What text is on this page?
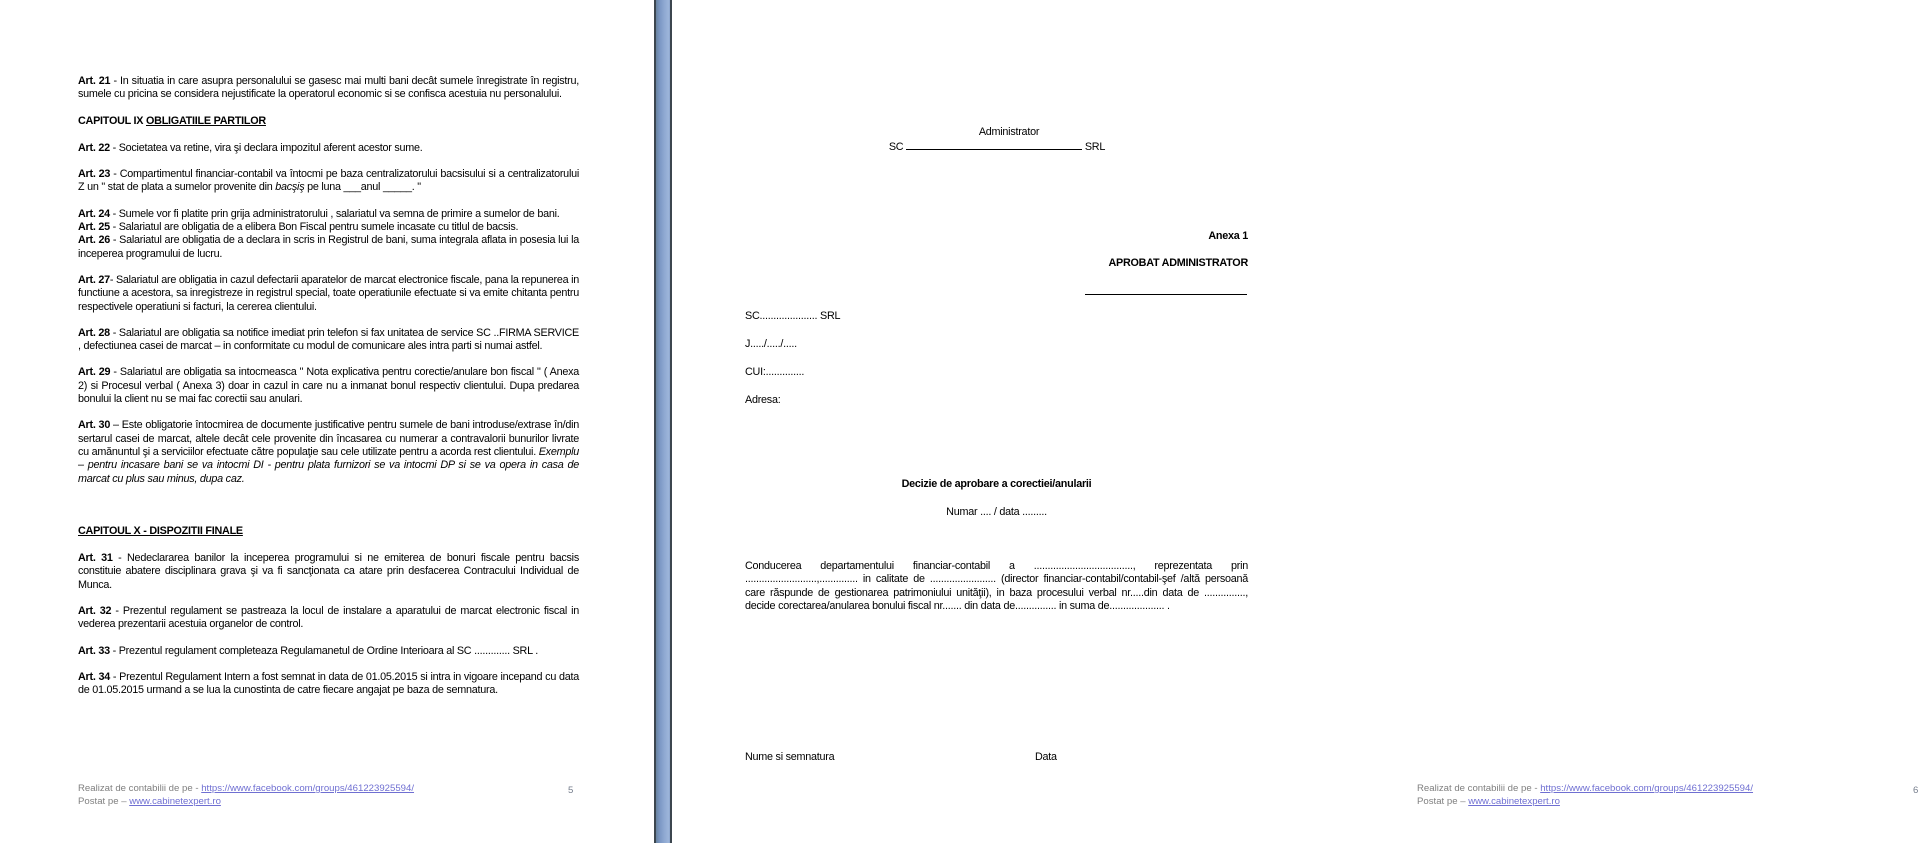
Art. 21 - In situatia in care asupra personalului se gasesc mai multi bani decât sumele înregistrate în registru, sumele cu pricina se considera nejustificate la operatorul economic si se confisca acestuia nu personalului.

CAPITOUL IX OBLIGATIILE PARTILOR

Art. 22 - Societatea va retine, vira şi declara impozitul aferent acestor sume.

Art. 23 - Compartimentul financiar-contabil va întocmi pe baza centralizatorului bacsisului si a centralizatorului Z un " stat de plata a sumelor provenite din bacşiş pe luna ___anul _____. "

Art. 24 - Sumele vor fi platite prin grija administratorului , salariatul va semna de primire a sumelor de bani.

Art. 25 - Salariatul are obligatia de a elibera Bon Fiscal pentru sumele incasate cu titlul de bacsis.

Art. 26 - Salariatul are obligatia de a declara in scris in Registrul de bani, suma integrala aflata in posesia lui la inceperea programului de lucru.

Art. 27- Salariatul are obligatia in cazul defectarii aparatelor de marcat electronice fiscale, pana la repunerea in functiune a acestora, sa inregistreze in registrul special, toate operatiunile efectuate si va emite chitanta pentru respectivele operatiuni si facturi, la cererea clientului.

Art. 28 - Salariatul are obligatia sa notifice imediat prin telefon si fax unitatea de service SC ..FIRMA SERVICE , defectiunea casei de marcat – in conformitate cu modul de comunicare ales intra parti si numai astfel.

Art. 29 - Salariatul are obligatia sa intocmeasca " Nota explicativa pentru corectie/anulare bon fiscal " ( Anexa 2) si Procesul verbal ( Anexa 3) doar in cazul in care nu a inmanat bonul respectiv clientului. Dupa predarea bonului la client nu se mai fac corectii sau anulari.

Art. 30 – Este obligatorie întocmirea de documente justificative pentru sumele de bani introduse/extrase în/din sertarul casei de marcat, altele decât cele provenite din încasarea cu numerar a contravalorii bunurilor livrate cu amănuntul şi a serviciilor efectuate către populaţie sau cele utilizate pentru a acorda rest clientului. Exemplu – pentru incasare bani se va intocmi DI - pentru plata furnizori se va intocmi DP si se va opera in casa de marcat cu plus sau minus, dupa caz.

CAPITOUL X - DISPOZITII FINALE

Art. 31 - Nedeclararea banilor la inceperea programului si ne emiterea de bonuri fiscale pentru bacsis constituie abatere disciplinara grava şi va fi sancţionata ca atare prin desfacerea Contracului Individual de Munca.

Art. 32 - Prezentul regulament se pastreaza la locul de instalare a aparatului de marcat electronic fiscal in vederea prezentarii acestuia organelor de control.

Art. 33 - Prezentul regulament completeaza Regulamanetul de Ordine Interioara al SC ............. SRL .

Art. 34 - Prezentul Regulament Intern a fost semnat in data de 01.05.2015 si intra in vigoare incepand cu data de 01.05.2015 urmand a se lua la cunostinta de catre fiecare angajat pe baza de semnatura.

Realizat de contabilii de pe - https://www.facebook.com/groups/461223925594/
Postat pe – www.cabinetexpert.ro
5
Administrator
SC	SRL
Anexa 1
APROBAT ADMINISTRATOR
SC..................... SRL
J...../...../.....
CUI:..............
Adresa:
Decizie de aprobare a corectiei/anularii
Numar .... / data .........
Conducerea departamentului financiar-contabil a ...................................., reprezentata prin ..........................,.............. in calitate de ........................ (director financiar-contabil/contabil-şef /altă persoană care răspunde de gestionarea patrimoniului unităţii), in baza procesului verbal nr.....din data de ..............., decide corectarea/anularea bonului fiscal nr....... din data de............... in suma de.................... .
Nume si semnatura	Data
Realizat de contabilii de pe - https://www.facebook.com/groups/461223925594/
Postat pe – www.cabinetexpert.ro
6
